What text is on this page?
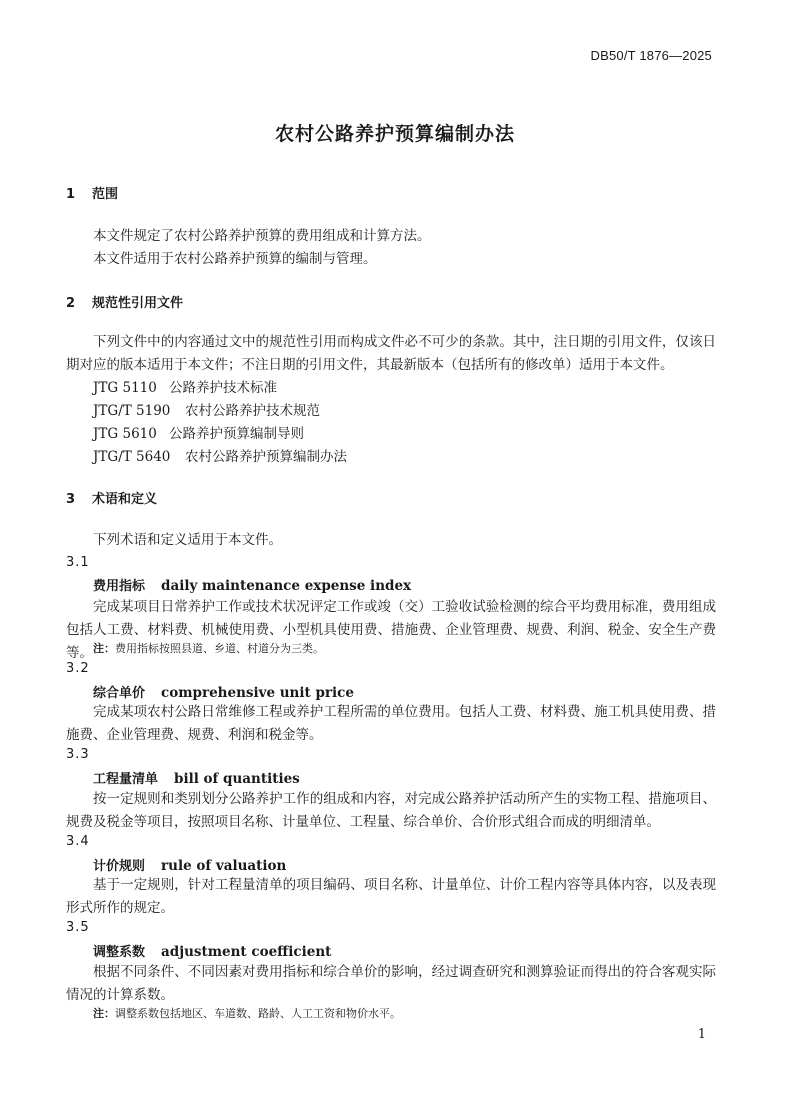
DB50/T 1876—2025
农村公路养护预算编制办法
1 范围
本文件规定了农村公路养护预算的费用组成和计算方法。
本文件适用于农村公路养护预算的编制与管理。
2 规范性引用文件
下列文件中的内容通过文中的规范性引用而构成文件必不可少的条款。其中，注日期的引用文件，仅该日期对应的版本适用于本文件；不注日期的引用文件，其最新版本（包括所有的修改单）适用于本文件。
JTG 5110 公路养护技术标准
JTG/T 5190 农村公路养护技术规范
JTG 5610 公路养护预算编制导则
JTG/T 5640 农村公路养护预算编制办法
3 术语和定义
下列术语和定义适用于本文件。
3.1
费用指标 daily maintenance expense index
完成某项目日常养护工作或技术状况评定工作或竣（交）工验收试验检测的综合平均费用标准，费用组成包括人工费、材料费、机械使用费、小型机具使用费、措施费、企业管理费、规费、利润、税金、安全生产费等。 注：费用指标按照县道、乡道、村道分为三类。
3.2
综合单价 comprehensive unit price
完成某项农村公路日常维修工程或养护工程所需的单位费用。包括人工费、材料费、施工机具使用费、措施费、企业管理费、规费、利润和税金等。
3.3
工程量清单 bill of quantities
按一定规则和类别划分公路养护工作的组成和内容，对完成公路养护活动所产生的实物工程、措施项目、规费及税金等项目，按照项目名称、计量单位、工程量、综合单价、合价形式组合而成的明细清单。
3.4
计价规则 rule of valuation
基于一定规则，针对工程量清单的项目编码、项目名称、计量单位、计价工程内容等具体内容，以及表现形式所作的规定。
3.5
调整系数 adjustment coefficient
根据不同条件、不同因素对费用指标和综合单价的影响，经过调查研究和测算验证而得出的符合客观实际情况的计算系数。
注：调整系数包括地区、车道数、路龄、人工工资和物价水平。
1
